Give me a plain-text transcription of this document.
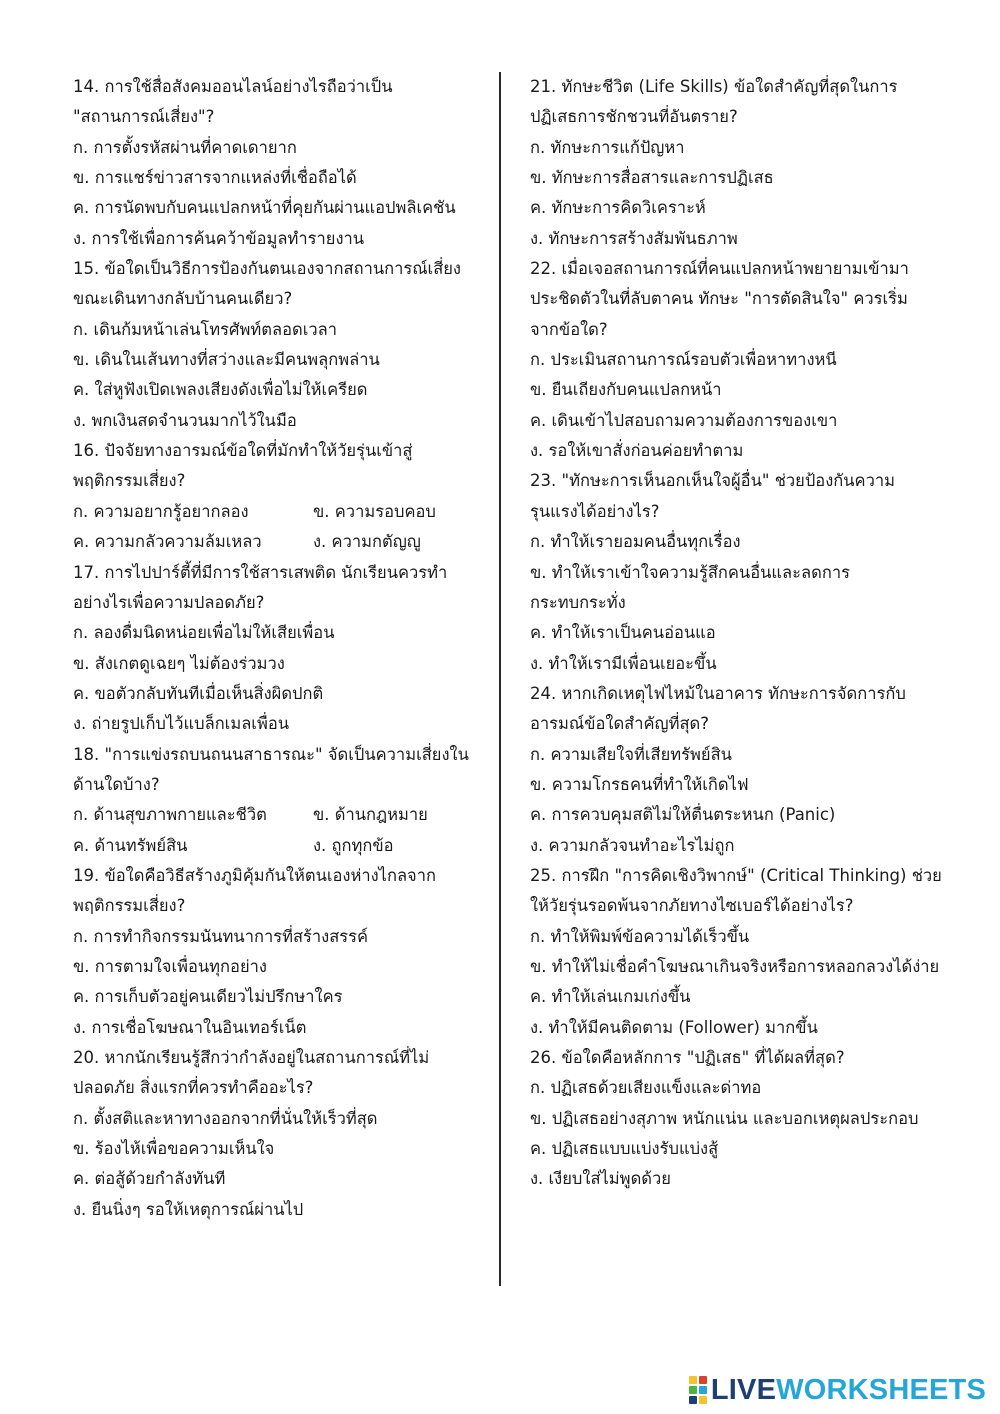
14. การใช้สื่อสังคมออนไลน์อย่างไรถือว่าเป็น
"สถานการณ์เสี่ยง"?
ก. การตั้งรหัสผ่านที่คาดเดายาก
ข. การแชร์ข่าวสารจากแหล่งที่เชื่อถือได้
ค. การนัดพบกับคนแปลกหน้าที่คุยกันผ่านแอปพลิเคชัน
ง. การใช้เพื่อการค้นคว้าข้อมูลทำรายงาน
15. ข้อใดเป็นวิธีการป้องกันตนเองจากสถานการณ์เสี่ยง
ขณะเดินทางกลับบ้านคนเดียว?
ก. เดินก้มหน้าเล่นโทรศัพท์ตลอดเวลา
ข. เดินในเส้นทางที่สว่างและมีคนพลุกพล่าน
ค. ใส่หูฟังเปิดเพลงเสียงดังเพื่อไม่ให้เครียด
ง. พกเงินสดจำนวนมากไว้ในมือ
16. ปัจจัยทางอารมณ์ข้อใดที่มักทำให้วัยรุ่นเข้าสู่
พฤติกรรมเสี่ยง?
ก. ความอยากรู้อยากลอง	ข. ความรอบคอบ
ค. ความกลัวความล้มเหลว	ง. ความกตัญญู
17. การไปปาร์ตี้ที่มีการใช้สารเสพติด นักเรียนควรทำ
อย่างไรเพื่อความปลอดภัย?
ก. ลองดื่มนิดหน่อยเพื่อไม่ให้เสียเพื่อน
ข. สังเกตดูเฉยๆ ไม่ต้องร่วมวง
ค. ขอตัวกลับทันทีเมื่อเห็นสิ่งผิดปกติ
ง. ถ่ายรูปเก็บไว้แบล็กเมลเพื่อน
18. "การแข่งรถบนถนนสาธารณะ" จัดเป็นความเสี่ยงใน
ด้านใดบ้าง?
ก. ด้านสุขภาพกายและชีวิต	ข. ด้านกฎหมาย
ค. ด้านทรัพย์สิน	ง. ถูกทุกข้อ
19. ข้อใดคือวิธีสร้างภูมิคุ้มกันให้ตนเองห่างไกลจาก
พฤติกรรมเสี่ยง?
ก. การทำกิจกรรมนันทนาการที่สร้างสรรค์
ข. การตามใจเพื่อนทุกอย่าง
ค. การเก็บตัวอยู่คนเดียวไม่ปรึกษาใคร
ง. การเชื่อโฆษณาในอินเทอร์เน็ต
20. หากนักเรียนรู้สึกว่ากำลังอยู่ในสถานการณ์ที่ไม่
ปลอดภัย สิ่งแรกที่ควรทำคืออะไร?
ก. ตั้งสติและหาทางออกจากที่นั่นให้เร็วที่สุด
ข. ร้องไห้เพื่อขอความเห็นใจ
ค. ต่อสู้ด้วยกำลังทันที
ง. ยืนนิ่งๆ รอให้เหตุการณ์ผ่านไป
21. ทักษะชีวิต (Life Skills) ข้อใดสำคัญที่สุดในการ
ปฏิเสธการชักชวนที่อันตราย?
ก. ทักษะการแก้ปัญหา
ข. ทักษะการสื่อสารและการปฏิเสธ
ค. ทักษะการคิดวิเคราะห์
ง. ทักษะการสร้างสัมพันธภาพ
22. เมื่อเจอสถานการณ์ที่คนแปลกหน้าพยายามเข้ามา
ประชิดตัวในที่ลับตาคน ทักษะ "การตัดสินใจ" ควรเริ่ม
จากข้อใด?
ก. ประเมินสถานการณ์รอบตัวเพื่อหาทางหนี
ข. ยืนเถียงกับคนแปลกหน้า
ค. เดินเข้าไปสอบถามความต้องการของเขา
ง. รอให้เขาสั่งก่อนค่อยทำตาม
23. "ทักษะการเห็นอกเห็นใจผู้อื่น" ช่วยป้องกันความ
รุนแรงได้อย่างไร?
ก. ทำให้เรายอมคนอื่นทุกเรื่อง
ข. ทำให้เราเข้าใจความรู้สึกคนอื่นและลดการ
กระทบกระทั่ง
ค. ทำให้เราเป็นคนอ่อนแอ
ง. ทำให้เรามีเพื่อนเยอะขึ้น
24. หากเกิดเหตุไฟไหม้ในอาคาร ทักษะการจัดการกับ
อารมณ์ข้อใดสำคัญที่สุด?
ก. ความเสียใจที่เสียทรัพย์สิน
ข. ความโกรธคนที่ทำให้เกิดไฟ
ค. การควบคุมสติไม่ให้ตื่นตระหนก (Panic)
ง. ความกลัวจนทำอะไรไม่ถูก
25. การฝึก "การคิดเชิงวิพากษ์" (Critical Thinking) ช่วย
ให้วัยรุ่นรอดพ้นจากภัยทางไซเบอร์ได้อย่างไร?
ก. ทำให้พิมพ์ข้อความได้เร็วขึ้น
ข. ทำให้ไม่เชื่อคำโฆษณาเกินจริงหรือการหลอกลวงได้ง่าย
ค. ทำให้เล่นเกมเก่งขึ้น
ง. ทำให้มีคนติดตาม (Follower) มากขึ้น
26. ข้อใดคือหลักการ "ปฏิเสธ" ที่ได้ผลที่สุด?
ก. ปฏิเสธด้วยเสียงแข็งและด่าทอ
ข. ปฏิเสธอย่างสุภาพ หนักแน่น และบอกเหตุผลประกอบ
ค. ปฏิเสธแบบแบ่งรับแบ่งสู้
ง. เงียบใส่ไม่พูดด้วย
LIVEWORKSHEETS
